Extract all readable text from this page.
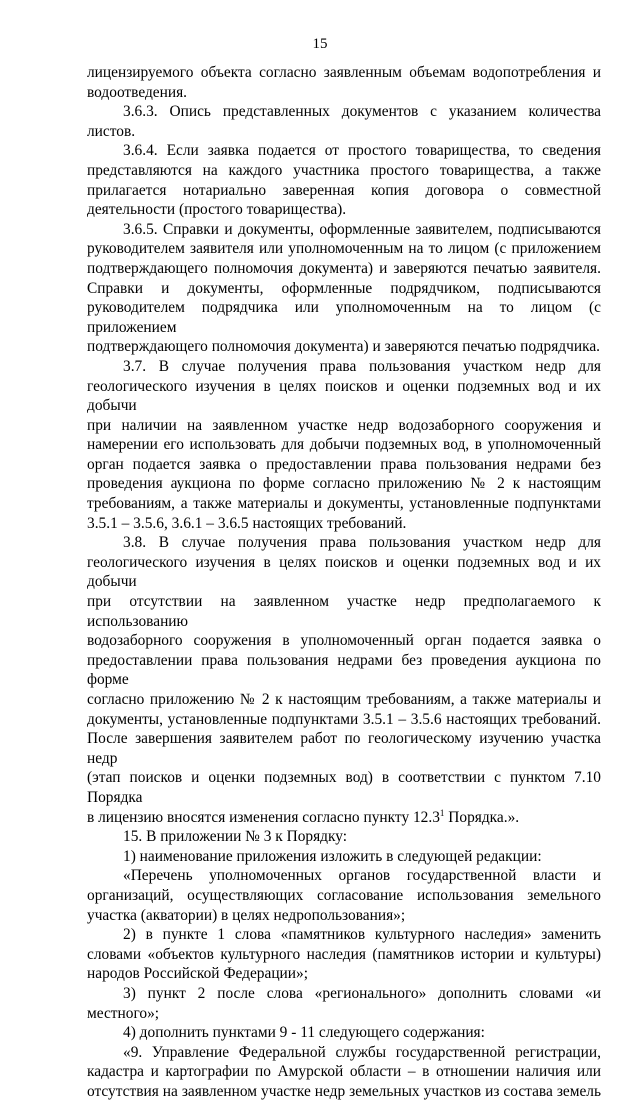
15

лицензируемого объекта согласно заявленным объемам водопотребления и

водоотведения.

3.6.3. Опись представленных документов с указанием количества листов.

3.6.4. Если заявка подается от простого товарищества, то сведения

представляются на каждого участника простого товарищества, а также

прилагается нотариально заверенная копия договора о совместной

деятельности (простого товарищества).

3.6.5. Справки и документы, оформленные заявителем, подписываются

руководителем заявителя или уполномоченным на то лицом (с приложением

подтверждающего полномочия документа) и заверяются печатью заявителя.

Справки и документы, оформленные подрядчиком, подписываются

руководителем подрядчика или уполномоченным на то лицом (с приложением

подтверждающего полномочия документа) и заверяются печатью подрядчика.

3.7. В случае получения права пользования участком недр для

геологического изучения в целях поисков и оценки подземных вод и их добычи

при наличии на заявленном участке недр водозаборного сооружения и

намерении его использовать для добычи подземных вод, в уполномоченный

орган подается заявка о предоставлении права пользования недрами без

проведения аукциона по форме согласно приложению № 2 к настоящим

требованиям, а также материалы и документы, установленные подпунктами

3.5.1 – 3.5.6, 3.6.1 – 3.6.5 настоящих требований.

3.8. В случае получения права пользования участком недр для

геологического изучения в целях поисков и оценки подземных вод и их добычи

при отсутствии на заявленном участке недр предполагаемого к использованию

водозаборного сооружения в уполномоченный орган подается заявка о

предоставлении права пользования недрами без проведения аукциона по форме

согласно приложению № 2 к настоящим требованиям, а также материалы и

документы, установленные подпунктами 3.5.1 – 3.5.6 настоящих требований.

После завершения заявителем работ по геологическому изучению участка недр

(этап поисков и оценки подземных вод) в соответствии с пунктом 7.10 Порядка

в лицензию вносятся изменения согласно пункту 12.3$^1$ Порядка.».

15. В приложении № 3 к Порядку:

1) наименование приложения изложить в следующей редакции:

«Перечень уполномоченных органов государственной власти и

организаций, осуществляющих согласование использования земельного

участка (акватории) в целях недропользования»;

2) в пункте 1 слова «памятников культурного наследия» заменить

словами «объектов культурного наследия (памятников истории и культуры)

народов Российской Федерации»;

3) пункт 2 после слова «регионального» дополнить словами «и

местного»;

4) дополнить пунктами 9 - 11 следующего содержания:

«9. Управление Федеральной службы государственной регистрации,

кадастра и картографии по Амурской области – в отношении наличия или

отсутствия на заявленном участке недр земельных участков из состава земель
